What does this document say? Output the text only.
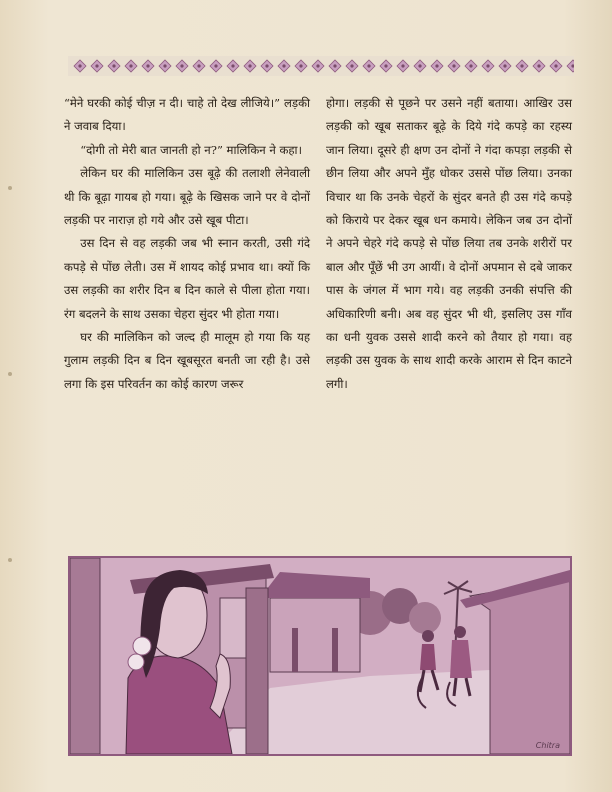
“मेने घरकी कोई चीज़ न दी। चाहे तो देख लीजिये।” लड़की ने जवाब दिया।

“दोगी तो मेरी बात जानती हो न?” मालिकिन ने कहा।

लेकिन घर की मालिकिन उस बूढ़े की तलाशी लेनेवाली थी कि बूढ़ा गायब हो गया। बूढ़े के खिसक जाने पर वे दोनों लड़की पर नाराज़ हो गये और उसे खूब पीटा।

उस दिन से वह लड़की जब भी स्नान करती, उसी गंदे कपड़े से पोंछ लेती। उस में शायद कोई प्रभाव था। क्यों कि उस लड़की का शरीर दिन ब दिन काले से पीला होता गया। रंग बदलने के साथ उसका चेहरा सुंदर भी होता गया।

घर की मालिकिन को जल्द ही मालूम हो गया कि यह गुलाम लड़की दिन ब दिन खूबसूरत बनती जा रही है। उसे लगा कि इस परिवर्तन का कोई कारण जरूर

होगा। लड़की से पूछने पर उसने नहीं बताया। आखिर उस लड़की को खूब सताकर बूढ़े के दिये गंदे कपड़े का रहस्य जान लिया। दूसरे ही क्षण उन दोनों ने गंदा कपड़ा लड़की से छीन लिया और अपने मुँह धोकर उससे पोंछ लिया। उनका विचार था कि उनके चेहरों के सुंदर बनते ही उस गंदे कपड़े को किराये पर देकर खूब धन कमाये। लेकिन जब उन दोनों ने अपने चेहरे गंदे कपड़े से पोंछ लिया तब उनके शरीरों पर बाल और पूँछें भी उग आयीं। वे दोनों अपमान से दबे जाकर पास के जंगल में भाग गये। वह लड़की उनकी संपत्ति की अधिकारिणी बनी। अब वह सुंदर भी थी, इसलिए उस गाँव का धनी युवक उससे शादी करने को तैयार हो गया। वह लड़की उस युवक के साथ शादी करके आराम से दिन काटने लगी।

Chitra
